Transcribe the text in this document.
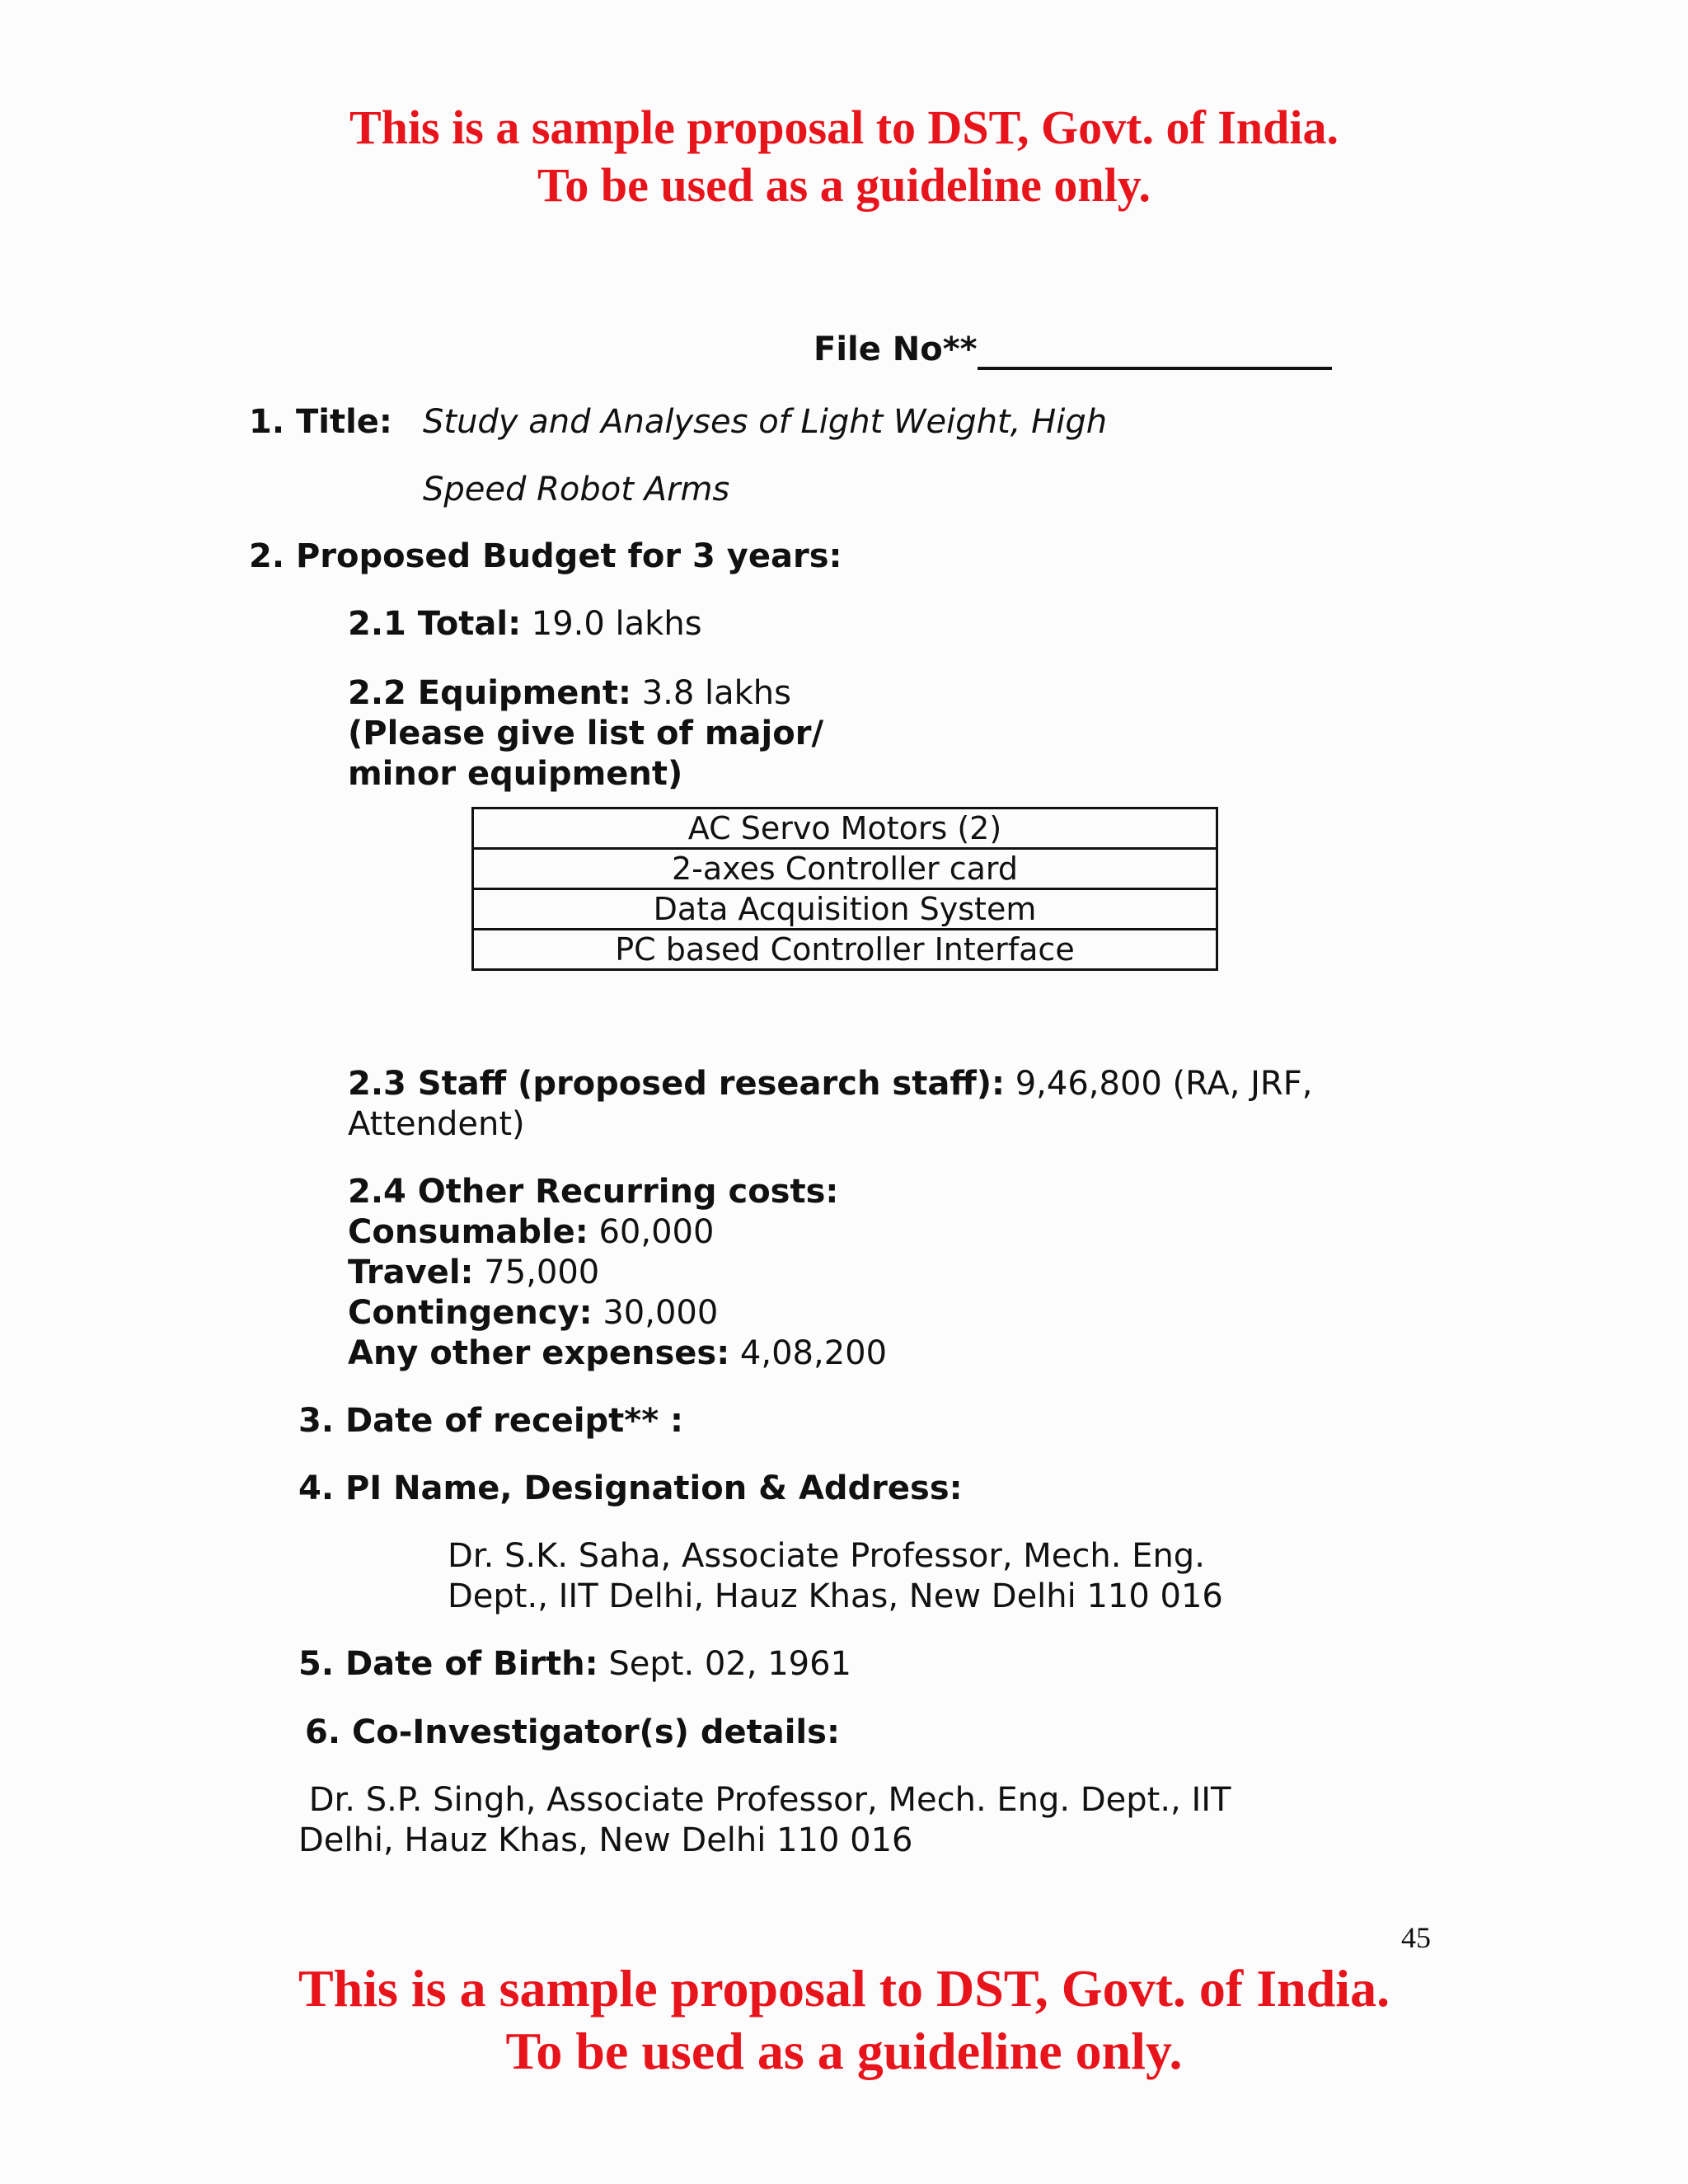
This is a sample proposal to DST, Govt. of India.
To be used as a guideline only.
File No**
1. Title: Study and Analyses of Light Weight, High
Speed Robot Arms
2. Proposed Budget for 3 years:
2.1 Total: 19.0 lakhs
2.2 Equipment: 3.8 lakhs
(Please give list of major/
minor equipment)
AC Servo Motors (2)
2-axes Controller card
Data Acquisition System
PC based Controller Interface
2.3 Staff (proposed research staff): 9,46,800 (RA, JRF,
Attendent)
2.4 Other Recurring costs:
Consumable: 60,000
Travel: 75,000
Contingency: 30,000
Any other expenses: 4,08,200
3. Date of receipt** :
4. PI Name, Designation & Address:
Dr. S.K. Saha, Associate Professor, Mech. Eng.
Dept., IIT Delhi, Hauz Khas, New Delhi 110 016
5. Date of Birth: Sept. 02, 1961
6. Co-Investigator(s) details:
Dr. S.P. Singh, Associate Professor, Mech. Eng. Dept., IIT
Delhi, Hauz Khas, New Delhi 110 016
45
This is a sample proposal to DST, Govt. of India.
To be used as a guideline only.
